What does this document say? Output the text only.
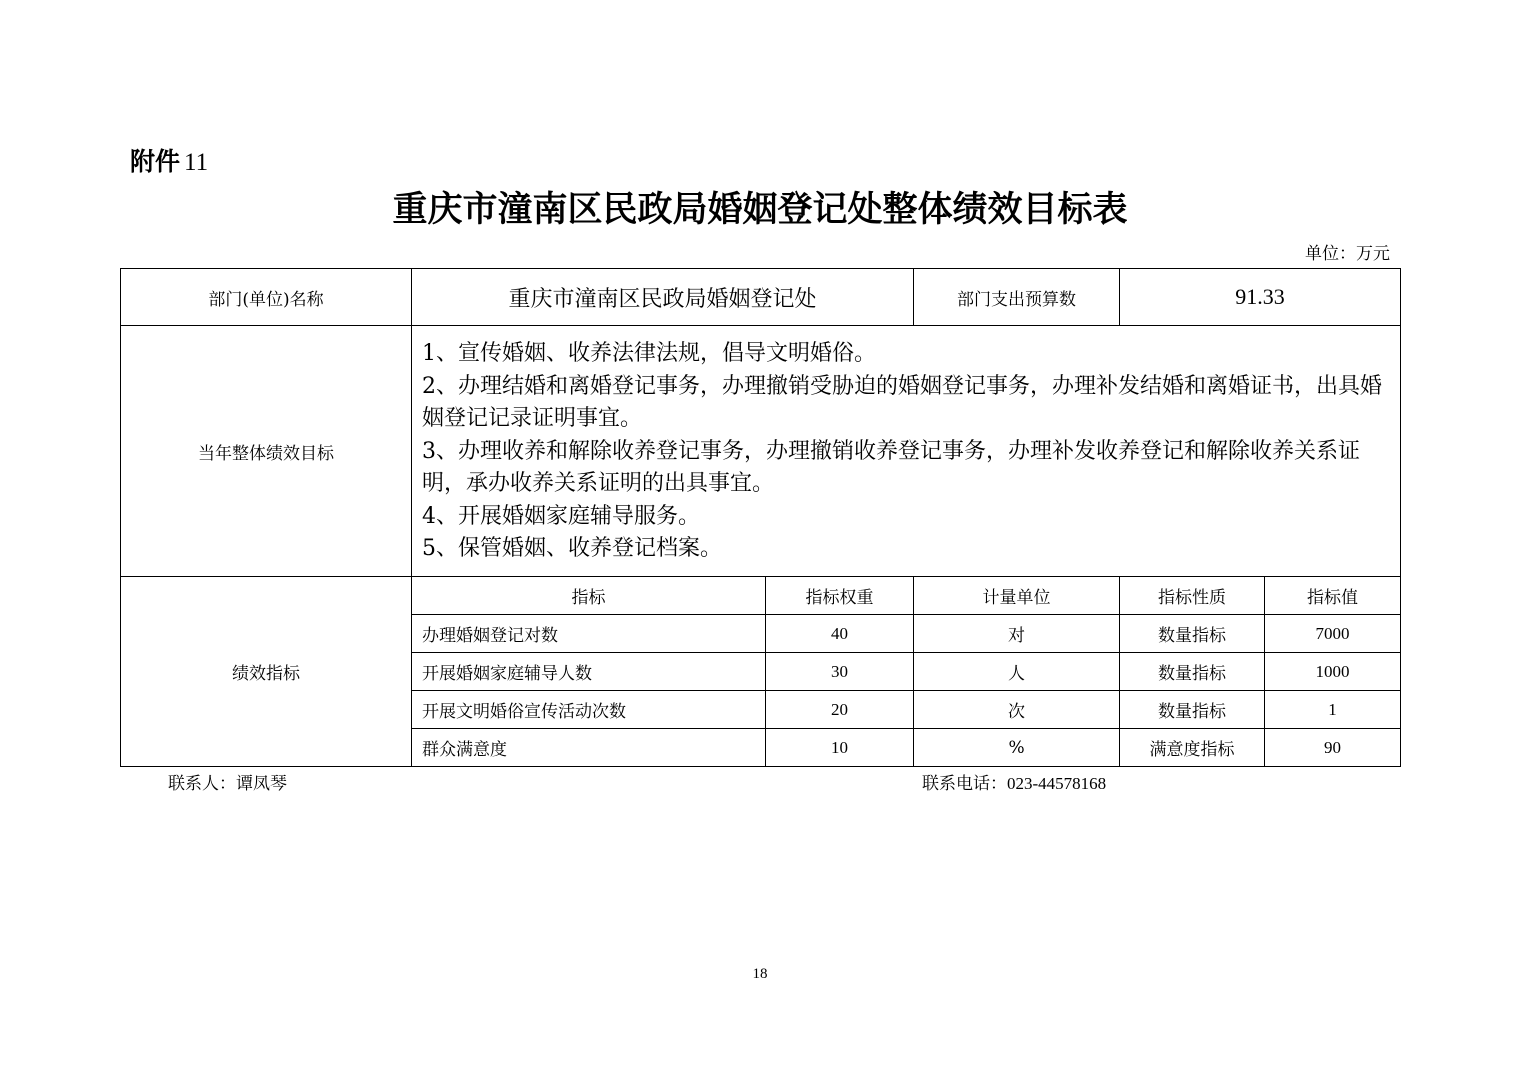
附件 11
重庆市潼南区民政局婚姻登记处整体绩效目标表
单位：万元
部门(单位)名称	重庆市潼南区民政局婚姻登记处		部门支出预算数	91.33	
当年整体绩效目标	1、宣传婚姻、收养法律法规，倡导文明婚俗。
2、办理结婚和离婚登记事务，办理撤销受胁迫的婚姻登记事务，办理补发结婚和离婚证书，出具婚姻登记记录证明事宜。
3、办理收养和解除收养登记事务，办理撤销收养登记事务，办理补发收养登记和解除收养关系证明，承办收养关系证明的出具事宜。
4、开展婚姻家庭辅导服务。
5、保管婚姻、收养登记档案。				

绩效指标	指标	指标权重	计量单位	指标性质	指标值
	办理婚姻登记对数	40	对	数量指标	7000
	开展婚姻家庭辅导人数	30	人	数量指标	1000
	开展文明婚俗宣传活动次数	20	次	数量指标	1
	群众满意度	10	%	满意度指标	90
联系人：谭凤琴	联系电话：023-44578168
18
